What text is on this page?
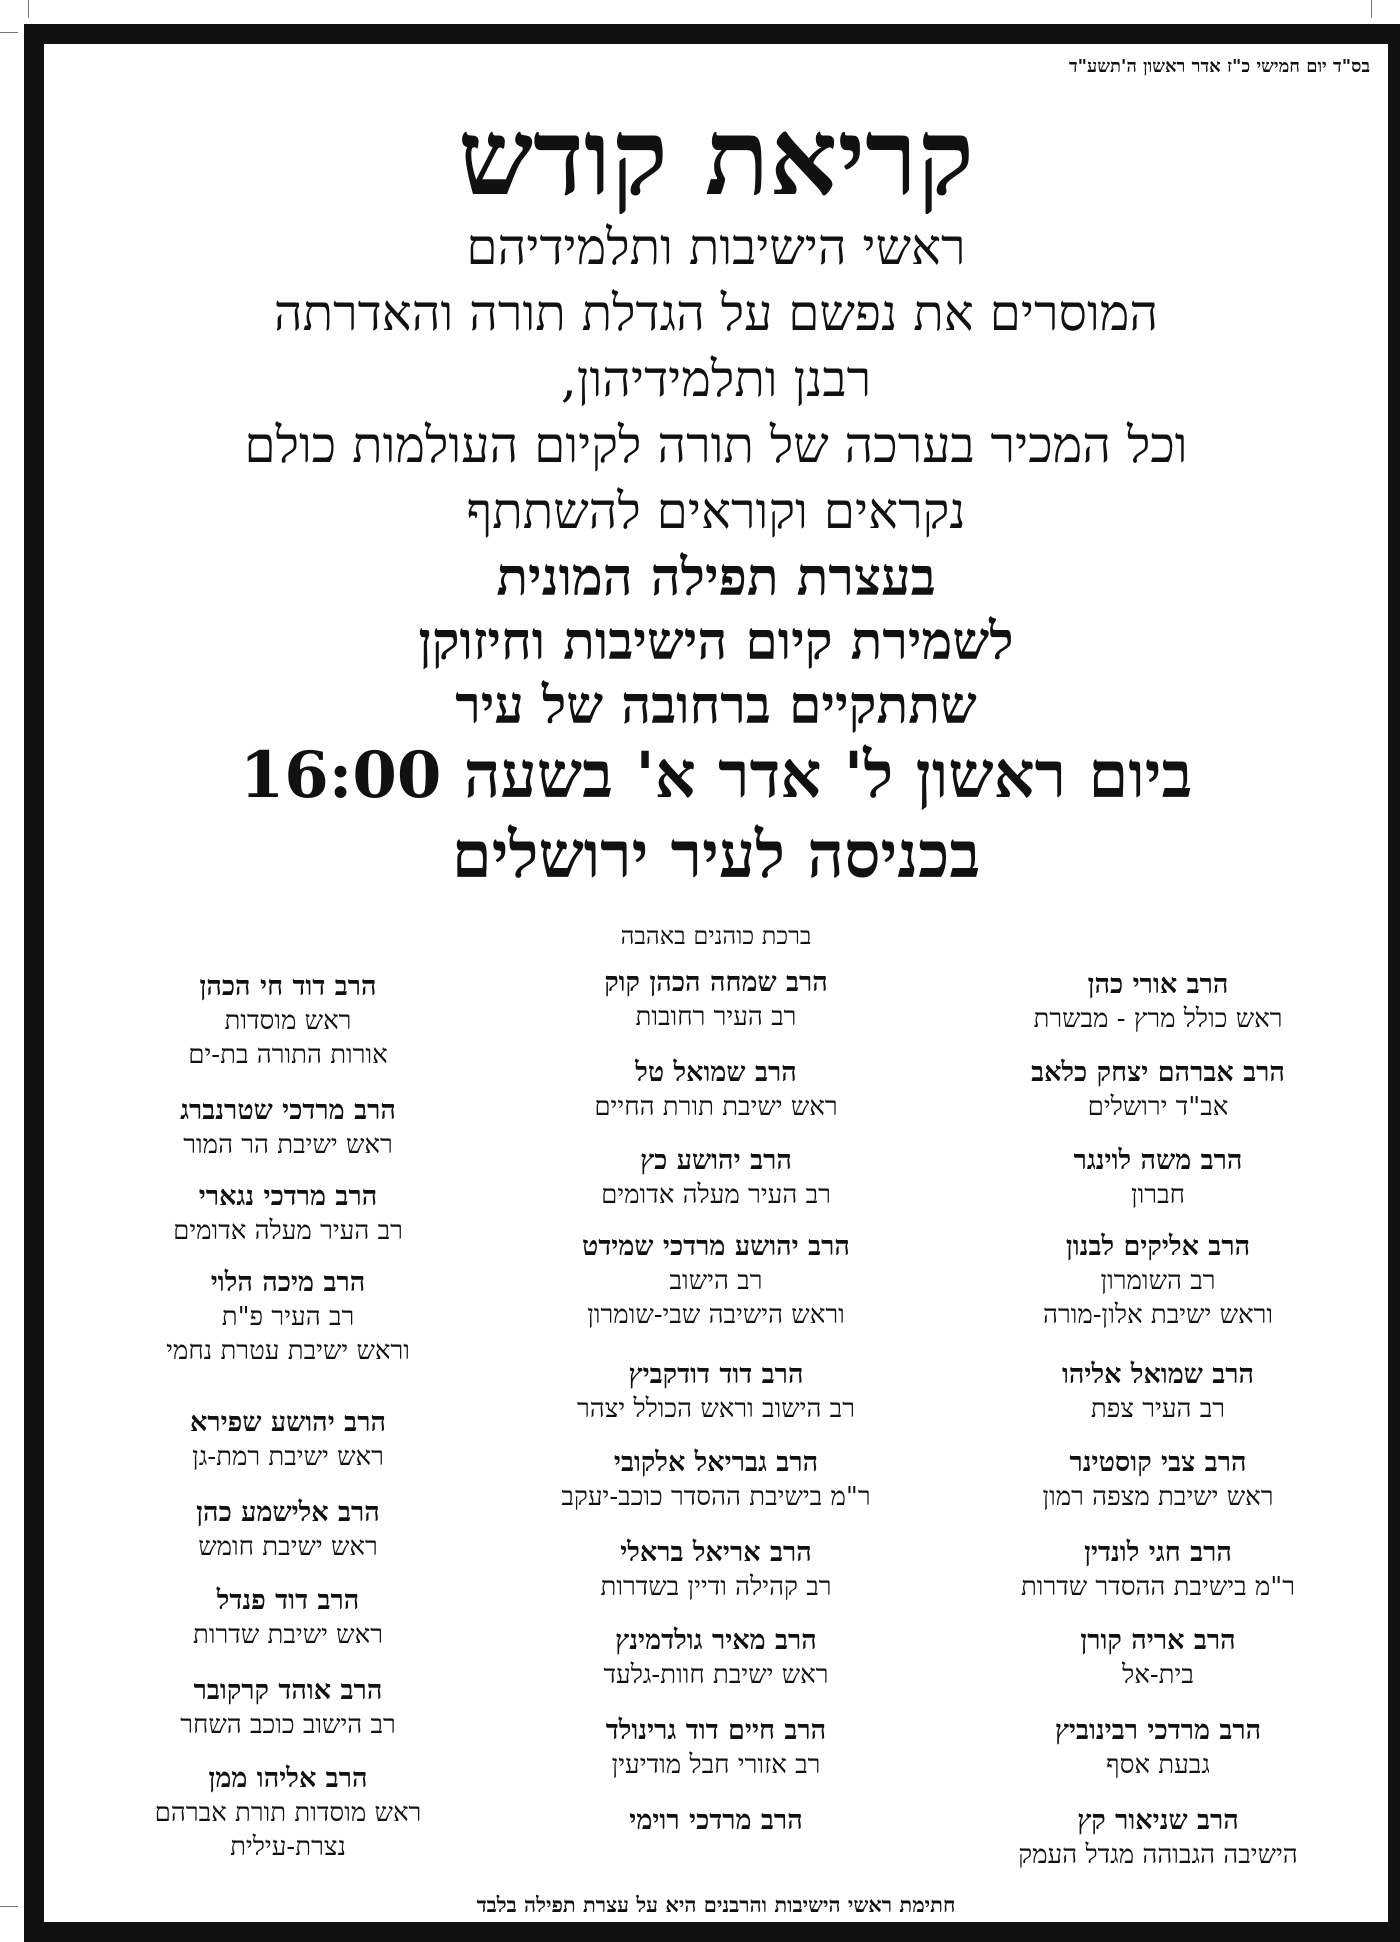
בס"ד יום חמישי כ"ז אדר ראשון ה'תשע"ד
קריאת קודש
ראשי הישיבות ותלמידיהם
המוסרים את נפשם על הגדלת תורה והאדרתה
רבנן ותלמידיהון,
וכל המכיר בערכה של תורה לקיום העולמות כולם
נקראים וקוראים להשתתף
בעצרת תפילה המונית
לשמירת קיום הישיבות וחיזוקן
שתתקיים ברחובה של עיר
ביום ראשון ל' אדר א' בשעה 16:00
בכניסה לעיר ירושלים
ברכת כוהנים באהבה
הרב אורי כהן
ראש כולל מרץ - מבשרת
הרב אברהם יצחק כלאב
אב"ד ירושלים
הרב משה לוינגר
חברון
הרב אליקים לבנון
רב השומרון
וראש ישיבת אלון-מורה
הרב שמואל אליהו
רב העיר צפת
הרב צבי קוסטינר
ראש ישיבת מצפה רמון
הרב חגי לונדין
ר"מ בישיבת ההסדר שדרות
הרב אריה קורן
בית-אל
הרב מרדכי רבינוביץ
גבעת אסף
הרב שניאור קץ
הישיבה הגבוהה מגדל העמק
הרב שמחה הכהן קוק
רב העיר רחובות
הרב שמואל טל
ראש ישיבת תורת החיים
הרב יהושע כץ
רב העיר מעלה אדומים
הרב יהושע מרדכי שמידט
רב הישוב
וראש הישיבה שבי-שומרון
הרב דוד דודקביץ
רב הישוב וראש הכולל יצהר
הרב גבריאל אלקובי
ר"מ בישיבת ההסדר כוכב-יעקב
הרב אריאל בראלי
רב קהילה ודיין בשדרות
הרב מאיר גולדמינץ
ראש ישיבת חוות-גלעד
הרב חיים דוד גרינולד
רב אזורי חבל מודיעין
הרב מרדכי רוימי
הרב דוד חי הכהן
ראש מוסדות
אורות התורה בת-ים
הרב מרדכי שטרנברג
ראש ישיבת הר המור
הרב מרדכי נגארי
רב העיר מעלה אדומים
הרב מיכה הלוי
רב העיר פ"ת
וראש ישיבת עטרת נחמי
הרב יהושע שפירא
ראש ישיבת רמת-גן
הרב אלישמע כהן
ראש ישיבת חומש
הרב דוד פנדל
ראש ישיבת שדרות
הרב אוהד קרקובר
רב הישוב כוכב השחר
הרב אליהו ממן
ראש מוסדות תורת אברהם
נצרת-עילית
חתימת ראשי הישיבות והרבנים היא על עצרת תפילה בלבד
